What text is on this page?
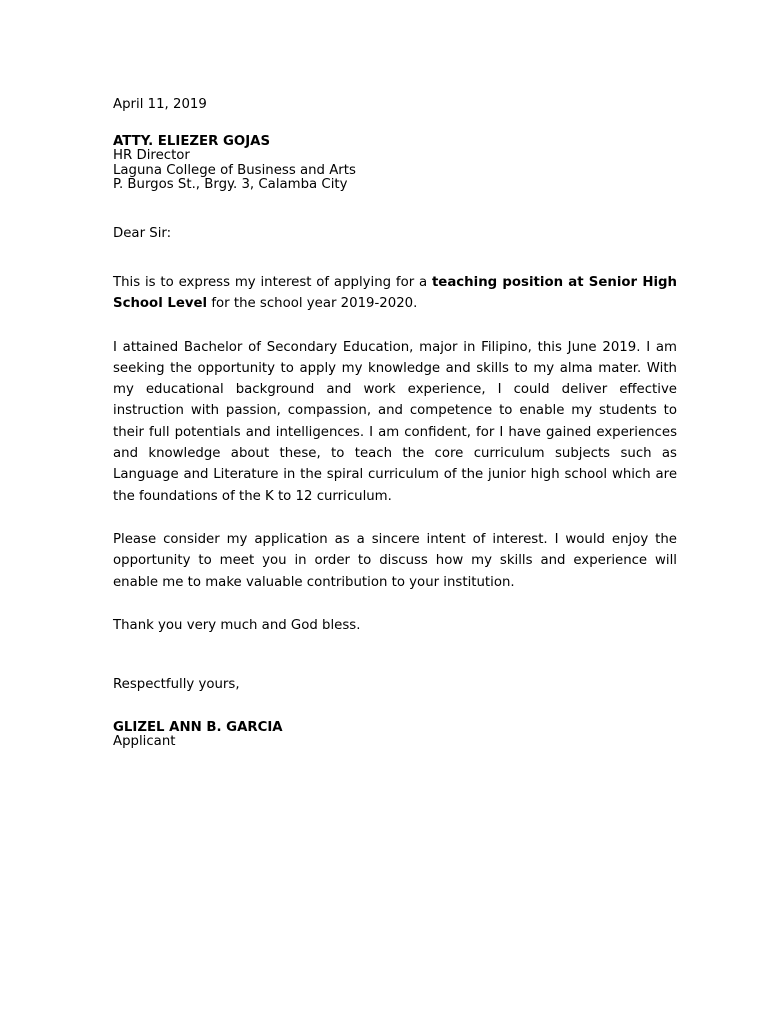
April 11, 2019
ATTY. ELIEZER GOJAS
HR Director
Laguna College of Business and Arts
P. Burgos St., Brgy. 3, Calamba City
Dear Sir:

This is to express my interest of applying for a teaching position at Senior High School Level for the school year 2019-2020.

I attained Bachelor of Secondary Education, major in Filipino, this June 2019. I am seeking the opportunity to apply my knowledge and skills to my alma mater. With my educational background and work experience, I could deliver effective instruction with passion, compassion, and competence to enable my students to their full potentials and intelligences. I am confident, for I have gained experiences and knowledge about these, to teach the core curriculum subjects such as Language and Literature in the spiral curriculum of the junior high school which are the foundations of the K to 12 curriculum.

Please consider my application as a sincere intent of interest. I would enjoy the opportunity to meet you in order to discuss how my skills and experience will enable me to make valuable contribution to your institution.

Thank you very much and God bless.

Respectfully yours,
GLIZEL ANN B. GARCIA
Applicant
